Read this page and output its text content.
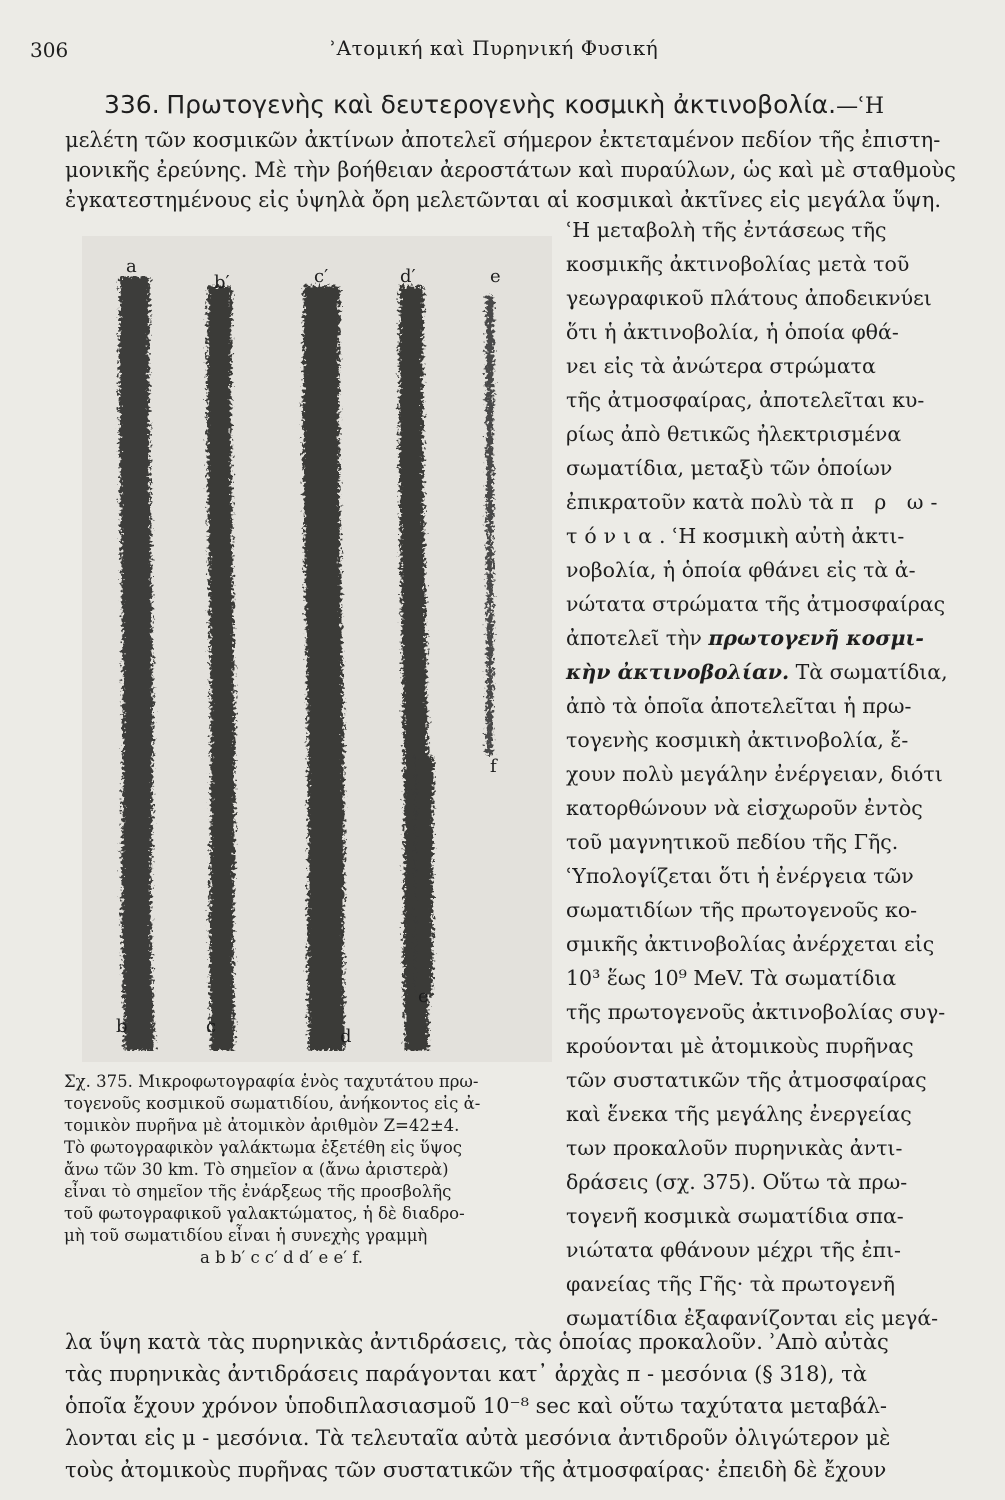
306	ʾΑτομική καὶ Πυρηνική Φυσική
336. Πρωτογενὴς καὶ δευτερογενὴς κοσμικὴ ἀκτινοβολία.—ʿΗ
μελέτη τῶν κοσμικῶν ἀκτίνων ἀποτελεῖ σήμερον ἐκτεταμένον πεδίον τῆς ἐπιστη-
μονικῆς ἐρεύνης. Μὲ τὴν βοήθειαν ἀεροστάτων καὶ πυραύλων, ὡς καὶ μὲ σταθμοὺς
ἐγκατεστημένους εἰς ὑψηλὰ ὄρη μελετῶνται αἱ κοσμικαὶ ἀκτῖνες εἰς μεγάλα ὕψη.
a
b′	c′	d′	e
f
b	c	d
e
Σχ. 375. Μικροφωτογραφία ἑνὸς ταχυτάτου πρω-
τογενοῦς κοσμικοῦ σωματιδίου, ἀνήκοντος εἰς ἀ-
τομικὸν πυρῆνα μὲ ἀτομικὸν ἀριθμὸν Z=42±4.
Τὸ φωτογραφικὸν γαλάκτωμα ἐξετέθη εἰς ὕψος
ἄνω τῶν 30 km. Τὸ σημεῖον α (ἄνω ἀριστερὰ)
εἶναι τὸ σημεῖον τῆς ἐνάρξεως τῆς προσβολῆς
τοῦ φωτογραφικοῦ γαλακτώματος, ἡ δὲ διαδρο-
μὴ τοῦ σωματιδίου εἶναι ἡ συνεχὴς γραμμὴ
a b b′ c c′ d d′ e e′ f.
ʿΗ μεταβολὴ τῆς ἐντάσεως τῆς
κοσμικῆς ἀκτινοβολίας μετὰ τοῦ
γεωγραφικοῦ πλάτους ἀποδεικνύει
ὅτι ἡ ἀκτινοβολία, ἡ ὁποία φθά-
νει εἰς τὰ ἀνώτερα στρώματα
τῆς ἀτμοσφαίρας, ἀποτελεῖται κυ-
ρίως ἀπὸ θετικῶς ἠλεκτρισμένα
σωματίδια, μεταξὺ τῶν ὁποίων
ἐπικρατοῦν κατὰ πολὺ τὰ π ρ ω-
τόνια. ʿΗ κοσμικὴ αὐτὴ ἀκτι-
νοβολία, ἡ ὁποία φθάνει εἰς τὰ ἀ-
νώτατα στρώματα τῆς ἀτμοσφαίρας
ἀποτελεῖ τὴν πρωτογενῆ κοσμι-
κὴν ἀκτινοβολίαν. Τὰ σωματίδια,
ἀπὸ τὰ ὁποῖα ἀποτελεῖται ἡ πρω-
τογενὴς κοσμικὴ ἀκτινοβολία, ἔ-
χουν πολὺ μεγάλην ἐνέργειαν, διότι
κατορθώνουν νὰ εἰσχωροῦν ἐντὸς
τοῦ μαγνητικοῦ πεδίου τῆς Γῆς.
ʿΥπολογίζεται ὅτι ἡ ἐνέργεια τῶν
σωματιδίων τῆς πρωτογενοῦς κο-
σμικῆς ἀκτινοβολίας ἀνέρχεται εἰς
10³ ἕως 10⁹ MeV. Τὰ σωματίδια
τῆς πρωτογενοῦς ἀκτινοβολίας συγ-
κρούονται μὲ ἀτομικοὺς πυρῆνας
τῶν συστατικῶν τῆς ἀτμοσφαίρας
καὶ ἕνεκα τῆς μεγάλης ἐνεργείας
των προκαλοῦν πυρηνικὰς ἀντι-
δράσεις (σχ. 375). Οὕτω τὰ πρω-
τογενῆ κοσμικὰ σωματίδια σπα-
νιώτατα φθάνουν μέχρι τῆς ἐπι-
φανείας τῆς Γῆς· τὰ πρωτογενῆ
σωματίδια ἐξαφανίζονται εἰς μεγά-
λα ὕψη κατὰ τὰς πυρηνικὰς ἀντιδράσεις, τὰς ὁποίας προκαλοῦν. ʾΑπὸ αὐτὰς
τὰς πυρηνικὰς ἀντιδράσεις παράγονται κατ᾿ ἀρχὰς π - μεσόνια (§ 318), τὰ
ὁποῖα ἔχουν χρόνον ὑποδιπλασιασμοῦ 10⁻⁸ sec καὶ οὕτω ταχύτατα μεταβάλ-
λονται εἰς μ - μεσόνια. Τὰ τελευταῖα αὐτὰ μεσόνια ἀντιδροῦν ὀλιγώτερον μὲ
τοὺς ἀτομικοὺς πυρῆνας τῶν συστατικῶν τῆς ἀτμοσφαίρας· ἐπειδὴ δὲ ἔχουν
